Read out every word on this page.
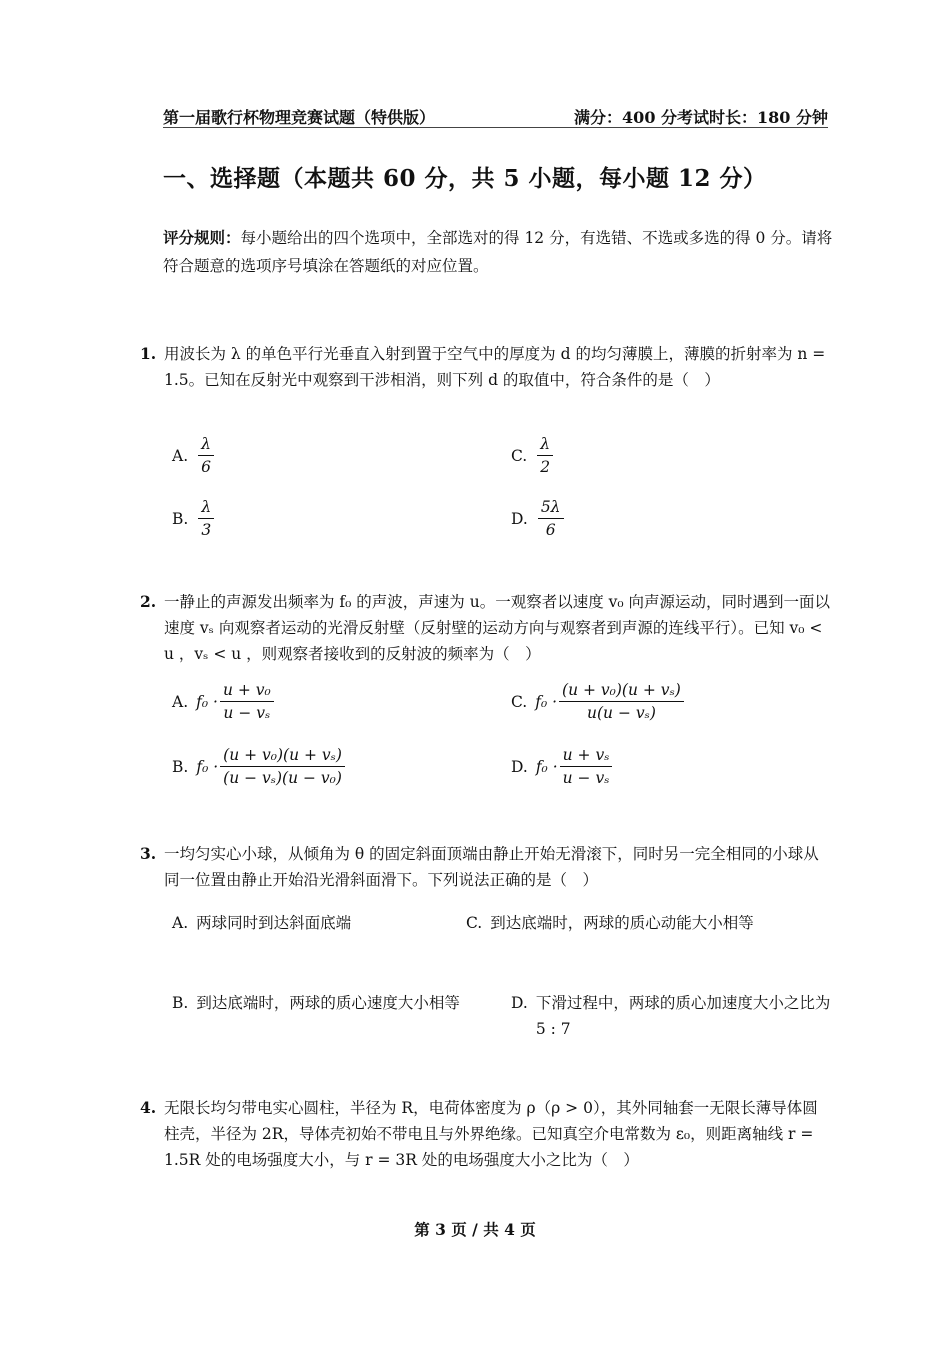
第一届歌行杯物理竞赛试题（特供版）	满分：400 分考试时长：180 分钟
一、选择题（本题共 60 分，共 5 小题，每小题 12 分）
评分规则：每小题给出的四个选项中，全部选对的得 12 分，有选错、不选或多选的得 0 分。请将符合题意的选项序号填涂在答题纸的对应位置。
1. 用波长为 λ 的单色平行光垂直入射到置于空气中的厚度为 d 的均匀薄膜上，薄膜的折射率为 n = 1.5。已知在反射光中观察到干涉相消，则下列 d 的取值中，符合条件的是（　）
A. $\frac{\lambda}{6}$	C. $\frac{\lambda}{2}$
B. $\frac{\lambda}{3}$	D. $\frac{5\lambda}{6}$
2. 一静止的声源发出频率为 f₀ 的声波，声速为 u。一观察者以速度 v₀ 向声源运动，同时遇到一面以速度 vₛ 向观察者运动的光滑反射壁（反射壁的运动方向与观察者到声源的连线平行）。已知 v₀ < u ，vₛ < u ，则观察者接收到的反射波的频率为（　）
A. $f_0 \cdot \frac{\text{u + v₀}}{\text{u − vₛ}}$	C. $f_0 \cdot \frac{\text{(u + v₀)(u + vₛ)}}{\text{u(u − vₛ)}}$
B. $f_0 \cdot \frac{\text{(u + v₀)(u + vₛ)}}{\text{(u − vₛ)(u − v₀)}}$	D. $f_0 \cdot \frac{\text{u + vₛ}}{\text{u − vₛ}}$
3. 一均匀实心小球，从倾角为 θ 的固定斜面顶端由静止开始无滑滚下，同时另一完全相同的小球从同一位置由静止开始沿光滑斜面滑下。下列说法正确的是（　）
A. 两球同时到达斜面底端	C. 到达底端时，两球的质心动能大小相等
B. 到达底端时，两球的质心速度大小相等	D. 下滑过程中，两球的质心加速度大小之比为 5 : 7
4. 无限长均匀带电实心圆柱，半径为 R，电荷体密度为 ρ（ρ > 0），其外同轴套一无限长薄导体圆柱壳，半径为 2R，导体壳初始不带电且与外界绝缘。已知真空介电常数为 ε₀，则距离轴线 r = 1.5R 处的电场强度大小，与 r = 3R 处的电场强度大小之比为（　）
第 3 页 / 共 4 页
